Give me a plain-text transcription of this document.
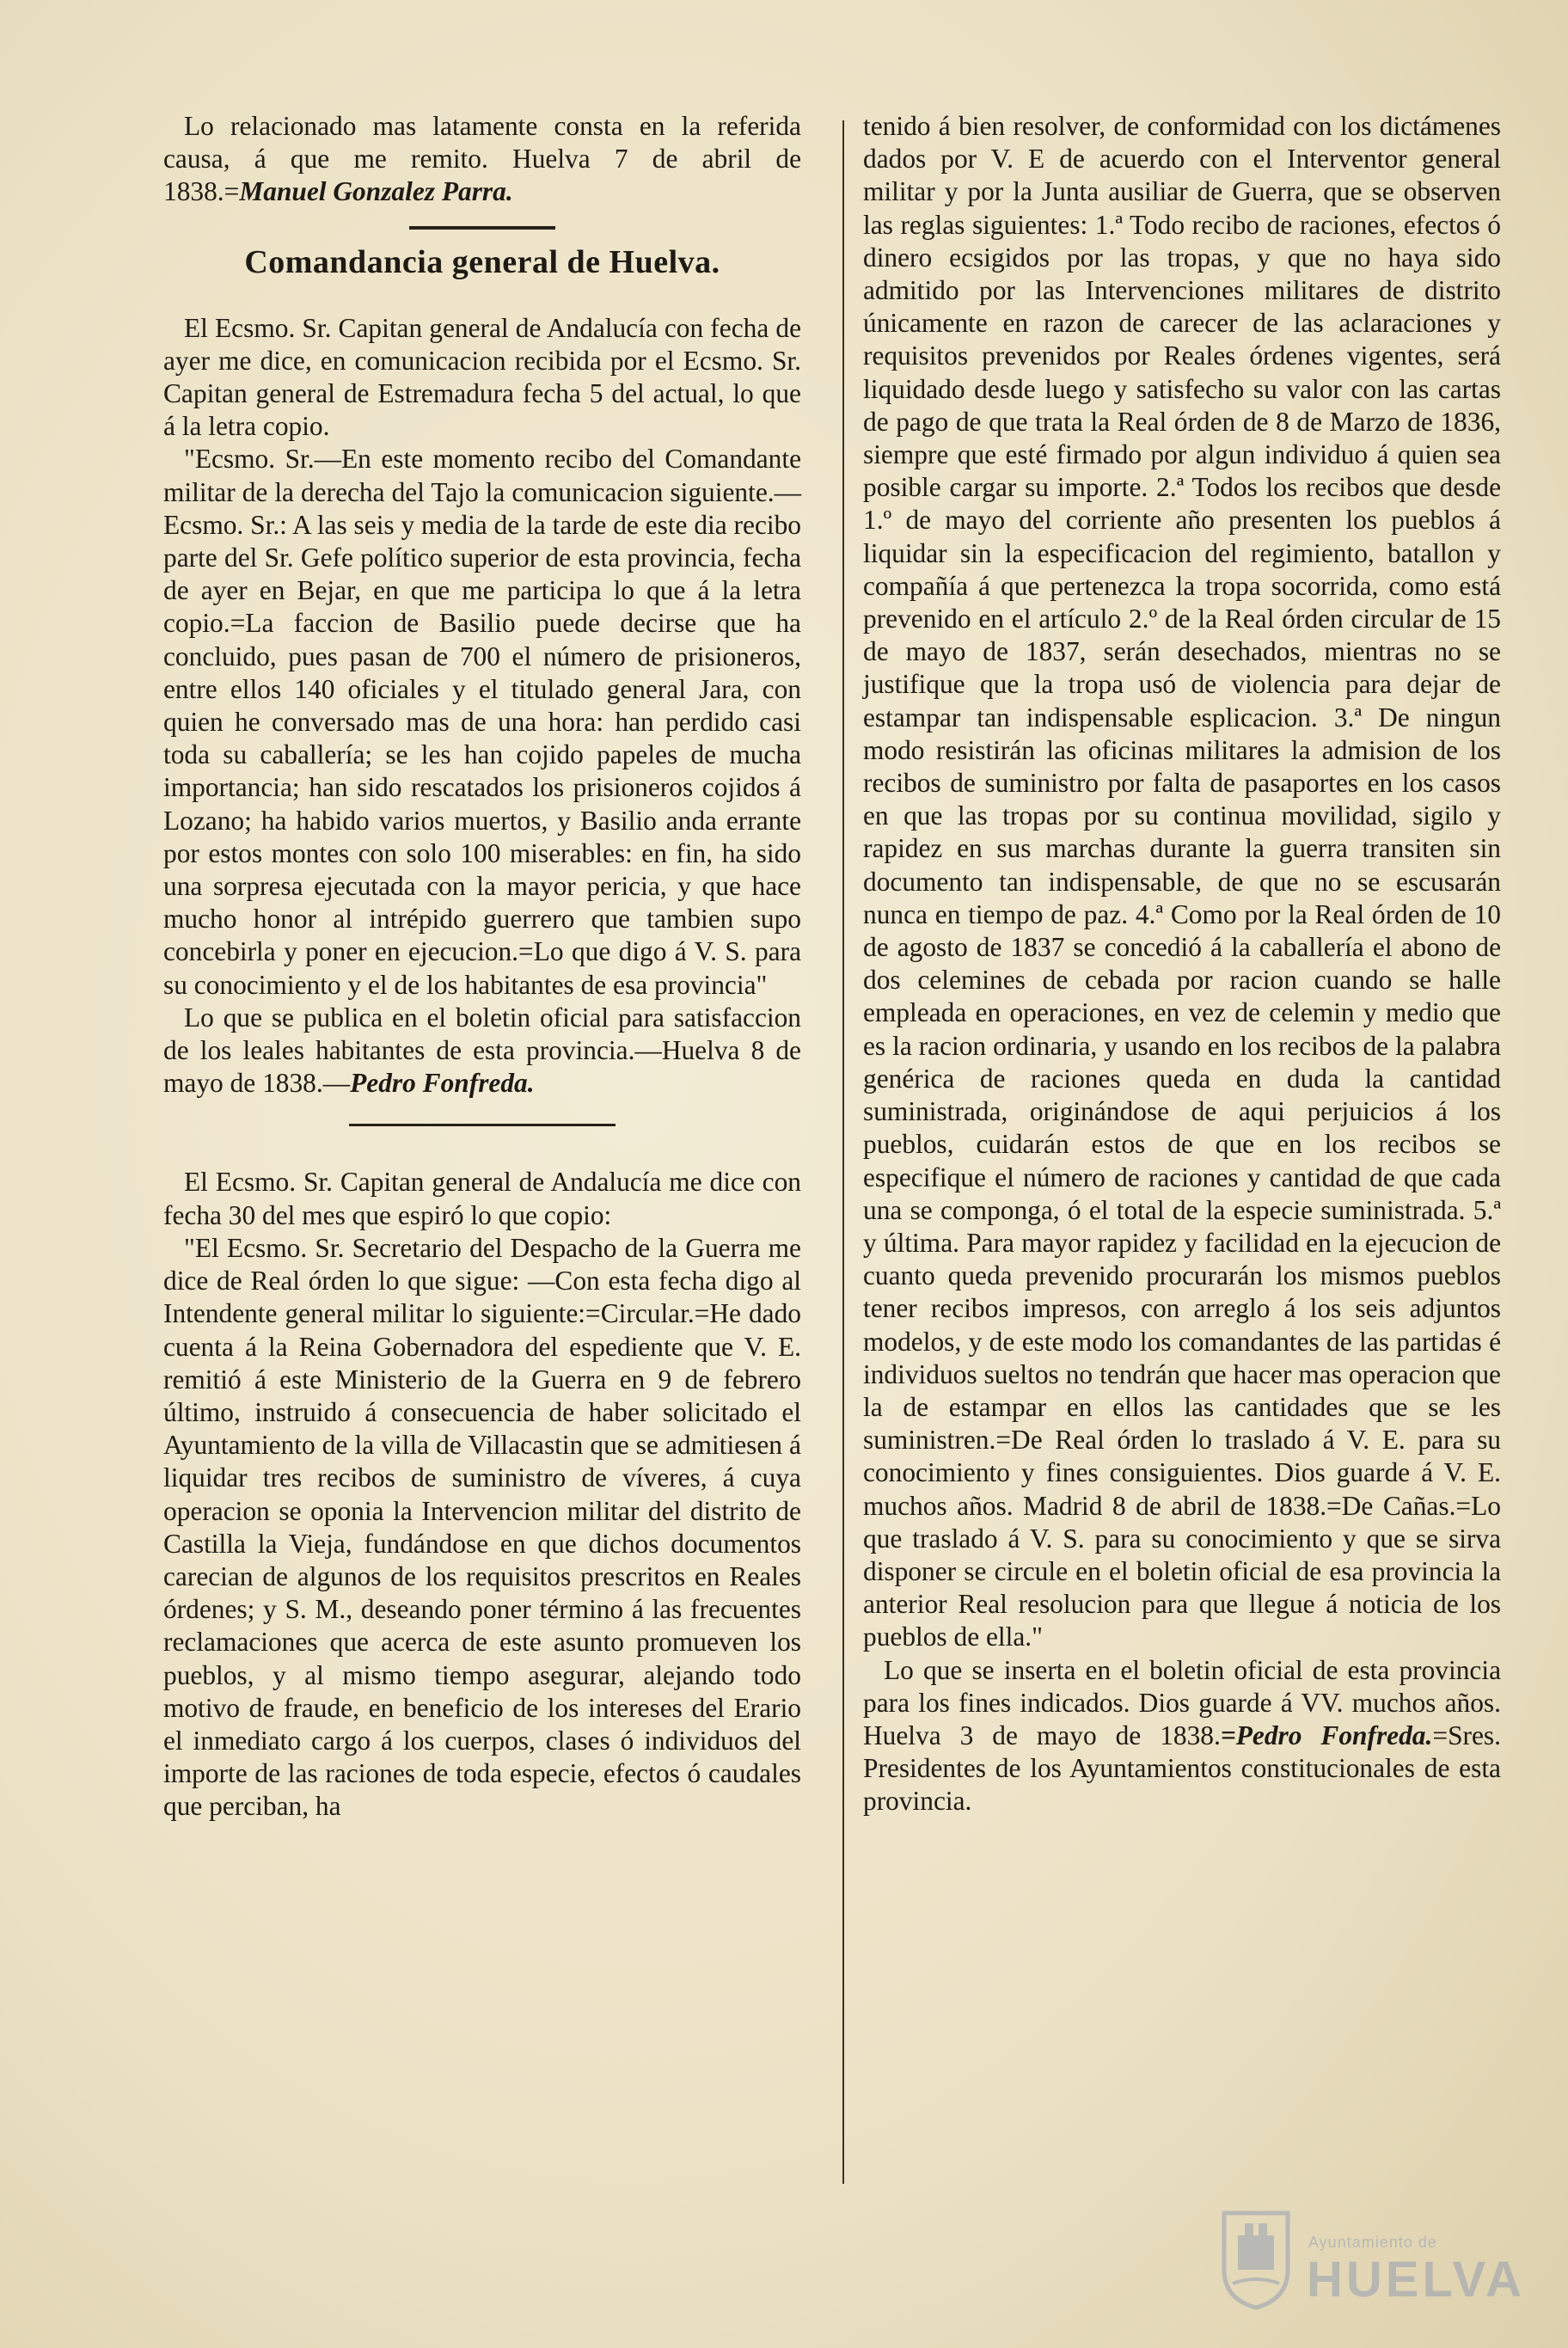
Lo relacionado mas latamente consta en la referida causa, á que me remito. Huelva 7 de abril de 1838.=Manuel Gonzalez Parra.

Comandancia general de Huelva.

El Ecsmo. Sr. Capitan general de Andalucía con fecha de ayer me dice, en comunicacion recibida por el Ecsmo. Sr. Capitan general de Estremadura fecha 5 del actual, lo que á la letra copio.

"Ecsmo. Sr.—En este momento recibo del Comandante militar de la derecha del Tajo la comunicacion siguiente.—Ecsmo. Sr.: A las seis y media de la tarde de este dia recibo parte del Sr. Gefe político superior de esta provincia, fecha de ayer en Bejar, en que me participa lo que á la letra copio.=La faccion de Basilio puede decirse que ha concluido, pues pasan de 700 el número de prisioneros, entre ellos 140 oficiales y el titulado general Jara, con quien he conversado mas de una hora: han perdido casi toda su caballería; se les han cojido papeles de mucha importancia; han sido rescatados los prisioneros cojidos á Lozano; ha habido varios muertos, y Basilio anda errante por estos montes con solo 100 miserables: en fin, ha sido una sorpresa ejecutada con la mayor pericia, y que hace mucho honor al intrépido guerrero que tambien supo concebirla y poner en ejecucion.=Lo que digo á V. S. para su conocimiento y el de los habitantes de esa provincia"

Lo que se publica en el boletin oficial para satisfaccion de los leales habitantes de esta provincia.—Huelva 8 de mayo de 1838.—Pedro Fonfreda.

El Ecsmo. Sr. Capitan general de Andalucía me dice con fecha 30 del mes que espiró lo que copio:

"El Ecsmo. Sr. Secretario del Despacho de la Guerra me dice de Real órden lo que sigue: —Con esta fecha digo al Intendente general militar lo siguiente:=Circular.=He dado cuenta á la Reina Gobernadora del espediente que V. E. remitió á este Ministerio de la Guerra en 9 de febrero último, instruido á consecuencia de haber solicitado el Ayuntamiento de la villa de Villacastin que se admitiesen á liquidar tres recibos de suministro de víveres, á cuya operacion se oponia la Intervencion militar del distrito de Castilla la Vieja, fundándose en que dichos documentos carecian de algunos de los requisitos prescritos en Reales órdenes; y S. M., deseando poner término á las frecuentes reclamaciones que acerca de este asunto promueven los pueblos, y al mismo tiempo asegurar, alejando todo motivo de fraude, en beneficio de los intereses del Erario el inmediato cargo á los cuerpos, clases ó individuos del importe de las raciones de toda especie, efectos ó caudales que perciban, ha

tenido á bien resolver, de conformidad con los dictámenes dados por V. E de acuerdo con el Interventor general militar y por la Junta ausiliar de Guerra, que se observen las reglas siguientes: 1.ª Todo recibo de raciones, efectos ó dinero ecsigidos por las tropas, y que no haya sido admitido por las Intervenciones militares de distrito únicamente en razon de carecer de las aclaraciones y requisitos prevenidos por Reales órdenes vigentes, será liquidado desde luego y satisfecho su valor con las cartas de pago de que trata la Real órden de 8 de Marzo de 1836, siempre que esté firmado por algun individuo á quien sea posible cargar su importe. 2.ª Todos los recibos que desde 1.º de mayo del corriente año presenten los pueblos á liquidar sin la especificacion del regimiento, batallon y compañía á que pertenezca la tropa socorrida, como está prevenido en el artículo 2.º de la Real órden circular de 15 de mayo de 1837, serán desechados, mientras no se justifique que la tropa usó de violencia para dejar de estampar tan indispensable esplicacion. 3.ª De ningun modo resistirán las oficinas militares la admision de los recibos de suministro por falta de pasaportes en los casos en que las tropas por su continua movilidad, sigilo y rapidez en sus marchas durante la guerra transiten sin documento tan indispensable, de que no se escusarán nunca en tiempo de paz. 4.ª Como por la Real órden de 10 de agosto de 1837 se concedió á la caballería el abono de dos celemines de cebada por racion cuando se halle empleada en operaciones, en vez de celemin y medio que es la racion ordinaria, y usando en los recibos de la palabra genérica de raciones queda en duda la cantidad suministrada, originándose de aqui perjuicios á los pueblos, cuidarán estos de que en los recibos se especifique el número de raciones y cantidad de que cada una se componga, ó el total de la especie suministrada. 5.ª y última. Para mayor rapidez y facilidad en la ejecucion de cuanto queda prevenido procurarán los mismos pueblos tener recibos impresos, con arreglo á los seis adjuntos modelos, y de este modo los comandantes de las partidas é individuos sueltos no tendrán que hacer mas operacion que la de estampar en ellos las cantidades que se les suministren.=De Real órden lo traslado á V. E. para su conocimiento y fines consiguientes. Dios guarde á V. E. muchos años. Madrid 8 de abril de 1838.=De Cañas.=Lo que traslado á V. S. para su conocimiento y que se sirva disponer se circule en el boletin oficial de esa provincia la anterior Real resolucion para que llegue á noticia de los pueblos de ella."

Lo que se inserta en el boletin oficial de esta provincia para los fines indicados. Dios guarde á VV. muchos años. Huelva 3 de mayo de 1838.=Pedro Fonfreda.=Sres. Presidentes de los Ayuntamientos constitucionales de esta provincia.

Ayuntamiento de
HUELVA
